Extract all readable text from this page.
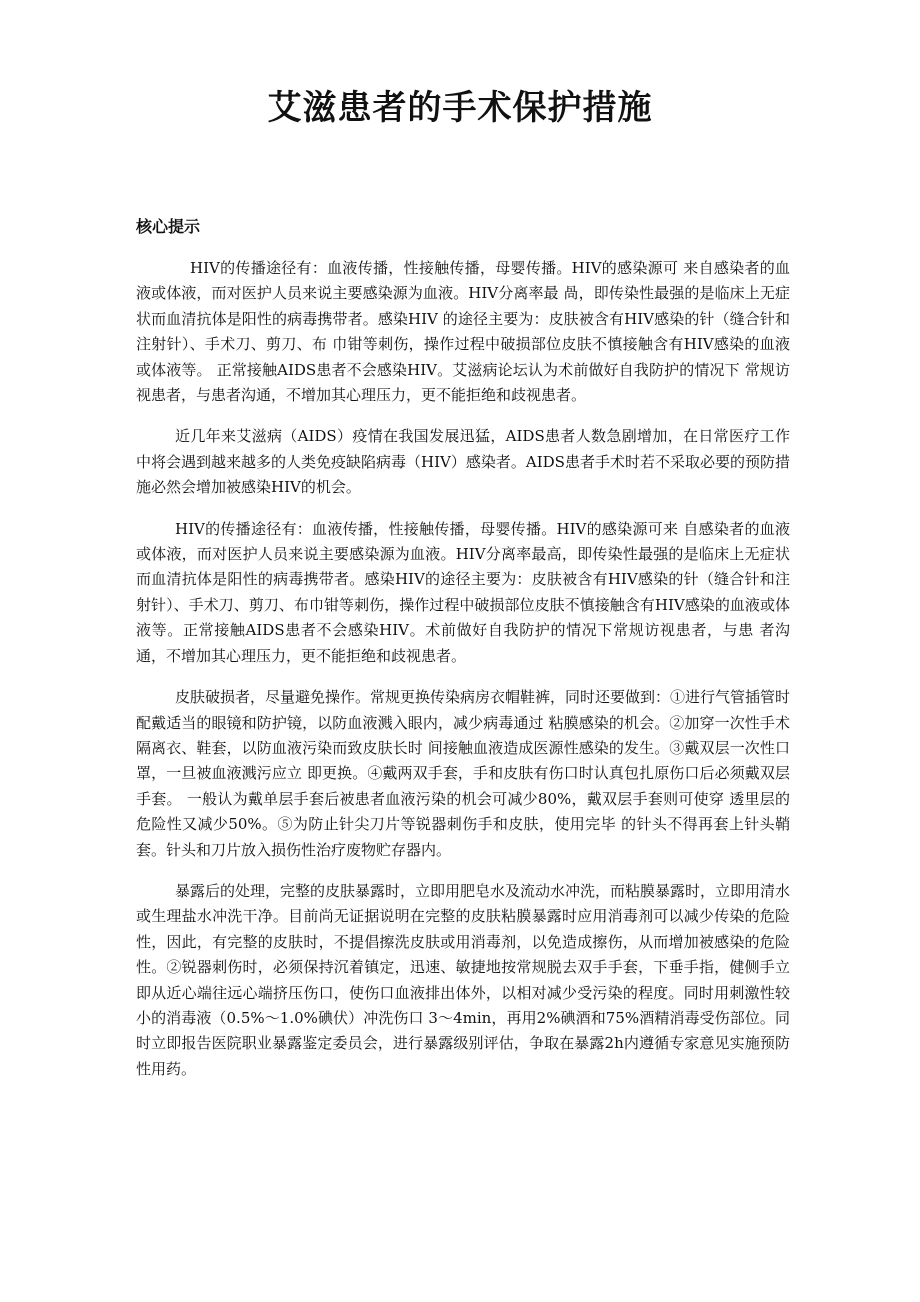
艾滋患者的手术保护措施
核心提示

HIV的传播途径有：血液传播，性接触传播，母婴传播。HIV的感染源可 来自感染者的血液或体液，而对医护人员来说主要感染源为血液。HIV分离率最 咼，即传染性最强的是临床上无症状而血清抗体是阳性的病毒携带者。感染HIV 的途径主要为：皮肤被含有HIV感染的针（缝合针和注射针）、手术刀、剪刀、布 巾钳等刺伤，操作过程中破损部位皮肤不慎接触含有HIV感染的血液或体液等。 正常接触AIDS患者不会感染HIV。艾滋病论坛认为术前做好自我防护的情况下 常规访视患者，与患者沟通，不增加其心理压力，更不能拒绝和歧视患者。

近几年来艾滋病（AIDS）疫情在我国发展迅猛，AIDS患者人数急剧增加，在日常医疗工作中将会遇到越来越多的人类免疫缺陷病毒（HIV）感染者。AIDS患者手术时若不采取必要的预防措施必然会增加被感染HIV的机会。

HIV的传播途径有：血液传播，性接触传播，母婴传播。HIV的感染源可来 自感染者的血液或体液，而对医护人员来说主要感染源为血液。HIV分离率最高，即传染性最强的是临床上无症状而血清抗体是阳性的病毒携带者。感染HIV的途径主要为：皮肤被含有HIV感染的针（缝合针和注射针）、手术刀、剪刀、布巾钳等刺伤，操作过程中破损部位皮肤不慎接触含有HIV感染的血液或体液等。正常接触AIDS患者不会感染HIV。术前做好自我防护的情况下常规访视患者，与患 者沟通，不增加其心理压力，更不能拒绝和歧视患者。

皮肤破损者，尽量避免操作。常规更换传染病房衣帽鞋裤，同时还要做到：①进行气管插管时配戴适当的眼镜和防护镜，以防血液溅入眼内，减少病毒通过 粘膜感染的机会。②加穿一次性手术隔离衣、鞋套，以防血液污染而致皮肤长时 间接触血液造成医源性感染的发生。③戴双层一次性口罩，一旦被血液溅污应立 即更换。④戴两双手套，手和皮肤有伤口时认真包扎原伤口后必须戴双层手套。 一般认为戴单层手套后被患者血液污染的机会可减少80%，戴双层手套则可使穿 透里层的危险性又减少50%。⑤为防止针尖刀片等锐器刺伤手和皮肤，使用完毕 的针头不得再套上针头鞘套。针头和刀片放入损伤性治疗废物贮存器内。

暴露后的处理，完整的皮肤暴露时，立即用肥皂水及流动水冲洗，而粘膜暴露时，立即用清水或生理盐水冲洗干净。目前尚无证据说明在完整的皮肤粘膜暴露时应用消毒剂可以减少传染的危险性，因此，有完整的皮肤时，不提倡擦洗皮肤或用消毒剂，以免造成擦伤，从而增加被感染的危险性。②锐器刺伤时，必须保持沉着镇定，迅速、敏捷地按常规脱去双手手套，下垂手指，健侧手立即从近心端往远心端挤压伤口，使伤口血液排出体外，以相对减少受污染的程度。同时用刺激性较小的消毒液（0.5%〜1.0%碘伏）冲洗伤口 3〜4min，再用2%碘酒和75%酒精消毒受伤部位。同时立即报告医院职业暴露鉴定委员会，进行暴露级别评估，争取在暴露2h内遵循专家意见实施预防性用药。
